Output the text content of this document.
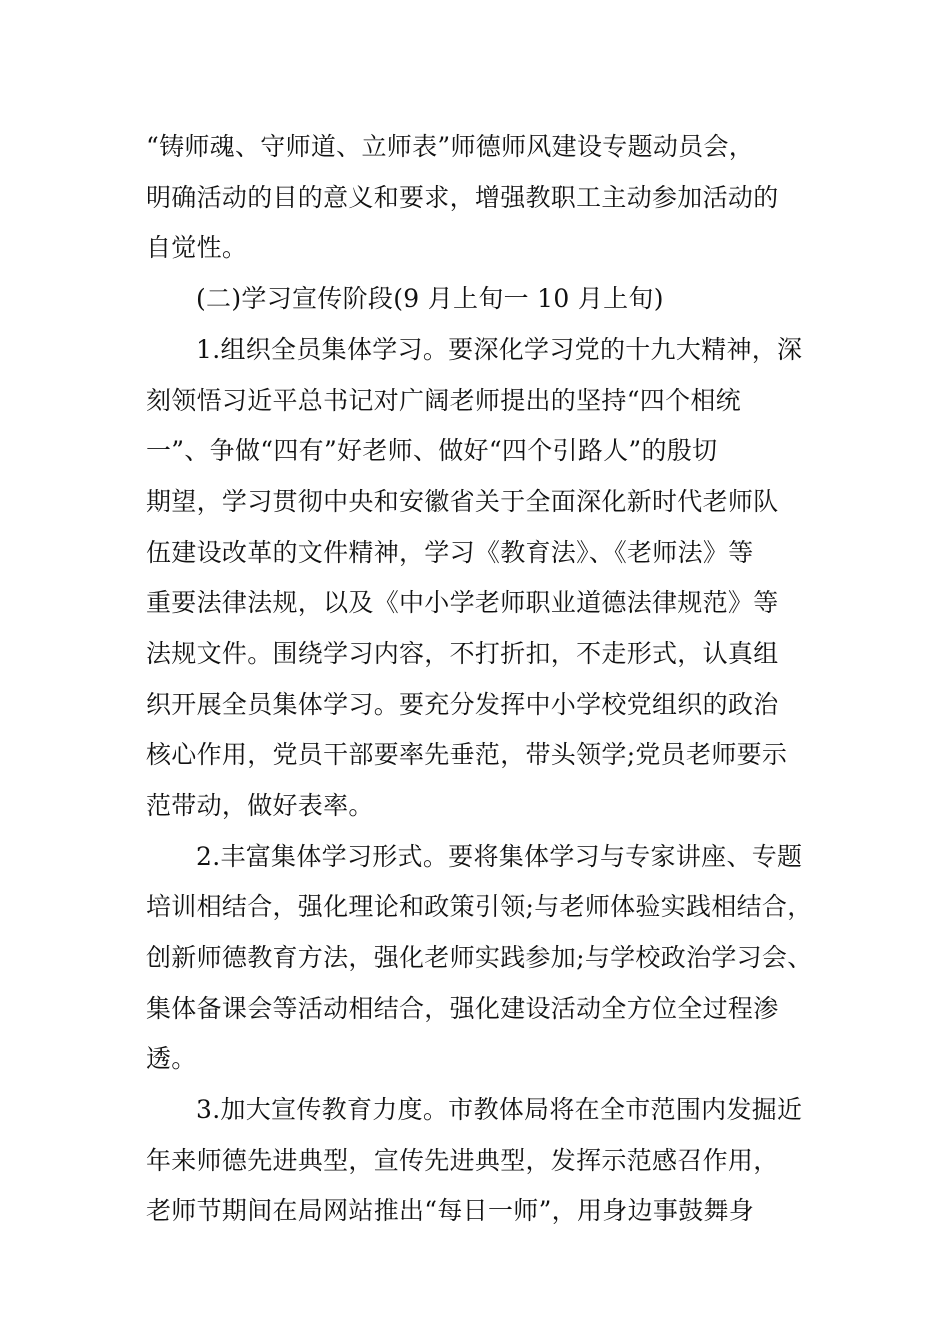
“铸师魂、守师道、立师表”师德师风建设专题动员会，
明确活动的目的意义和要求，增强教职工主动参加活动的
自觉性。
(二)学习宣传阶段(9 月上旬一 10 月上旬)
1.组织全员集体学习。要深化学习党的十九大精神，深
刻领悟习近平总书记对广阔老师提出的坚持“四个相统
一”、争做“四有”好老师、做好“四个引路人”的殷切
期望，学习贯彻中央和安徽省关于全面深化新时代老师队
伍建设改革的文件精神，学习《教育法》、《老师法》等
重要法律法规，以及《中小学老师职业道德法律规范》等
法规文件。围绕学习内容，不打折扣，不走形式，认真组
织开展全员集体学习。要充分发挥中小学校党组织的政治
核心作用，党员干部要率先垂范，带头领学;党员老师要示
范带动，做好表率。
2.丰富集体学习形式。要将集体学习与专家讲座、专题
培训相结合，强化理论和政策引领;与老师体验实践相结合，
创新师德教育方法，强化老师实践参加;与学校政治学习会、
集体备课会等活动相结合，强化建设活动全方位全过程渗
透。
3.加大宣传教育力度。市教体局将在全市范围内发掘近
年来师德先进典型，宣传先进典型，发挥示范感召作用，
老师节期间在局网站推出“每日一师”，用身边事鼓舞身
